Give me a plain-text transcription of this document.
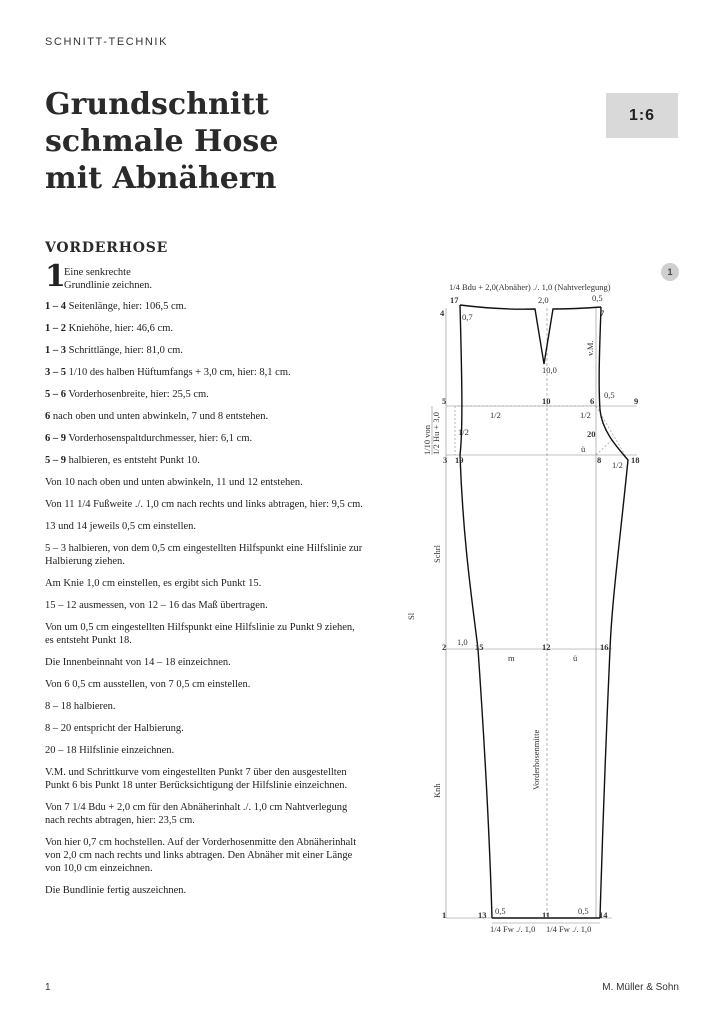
SCHNITT-TECHNIK
Grundschnitt
schmale Hose
mit Abnähern
1:6
VORDERHOSE
1
Eine senkrechte Grundlinie zeichnen.
1 – 4 Seitenlänge, hier: 106,5 cm.
1 – 2 Kniehöhe, hier: 46,6 cm.
1 – 3 Schrittlänge, hier: 81,0 cm.
3 – 5 1/10 des halben Hüftumfangs + 3,0 cm, hier: 8,1 cm.
5 – 6 Vorderhosenbreite, hier: 25,5 cm.
6 nach oben und unten abwinkeln, 7 und 8 entstehen.
6 – 9 Vorderhosenspaltdurchmesser, hier: 6,1 cm.
5 – 9 halbieren, es entsteht Punkt 10.
Von 10 nach oben und unten abwinkeln, 11 und 12 entstehen.
Von 11 1/4 Fußweite ./. 1,0 cm nach rechts und links abtragen, hier: 9,5 cm.
13 und 14 jeweils 0,5 cm einstellen.
5 – 3 halbieren, von dem 0,5 cm eingestellten Hilfspunkt eine Hilfslinie zur Halbierung ziehen.
Am Knie 1,0 cm einstellen, es ergibt sich Punkt 15.
15 – 12 ausmessen, von 12 – 16 das Maß übertragen.
Von um 0,5 cm eingestellten Hilfspunkt eine Hilfslinie zu Punkt 9 ziehen, es entsteht Punkt 18.
Die Innenbeinnaht von 14 – 18 einzeichnen.
Von 6 0,5 cm ausstellen, von 7 0,5 cm einstellen.
8 – 18 halbieren.
8 – 20 entspricht der Halbierung.
20 – 18 Hilfslinie einzeichnen.
V.M. und Schrittkurve vom eingestellten Punkt 7 über den ausgestellten Punkt 6 bis Punkt 18 unter Berücksichtigung der Hilfslinie einzeichnen.
Von 7 1/4 Bdu + 2,0 cm für den Abnäherinhalt ./. 1,0 cm Nahtverlegung nach rechts abtragen, hier: 23,5 cm.
Von hier 0,7 cm hochstellen. Auf der Vorderhosenmitte den Abnäherinhalt von 2,0 cm nach rechts und links abtragen. Den Abnäher mit einer Länge von 10,0 cm einzeichnen.
Die Bundlinie fertig auszeichnen.
1
1/4 Bdu + 2,0(Abnäher) ./. 1,0 (Nahtverlegung)
17
4	7
0,7
2,0	0,5
v.M.
10,0
5	10	6	9
0,5
1/2	1/2
1/2
1/10 von 1/2 Hu + 3,0	20
ü
3 19	8 1/2 18
Schrl
Sl
2 1,0 15	12	16
m	ü
Vorderhosenmitte
Knh
1	13 0,5	11	0,5 14
1/4 Fw ./. 1,0 1/4 Fw ./. 1,0
1	M. Müller & Sohn
